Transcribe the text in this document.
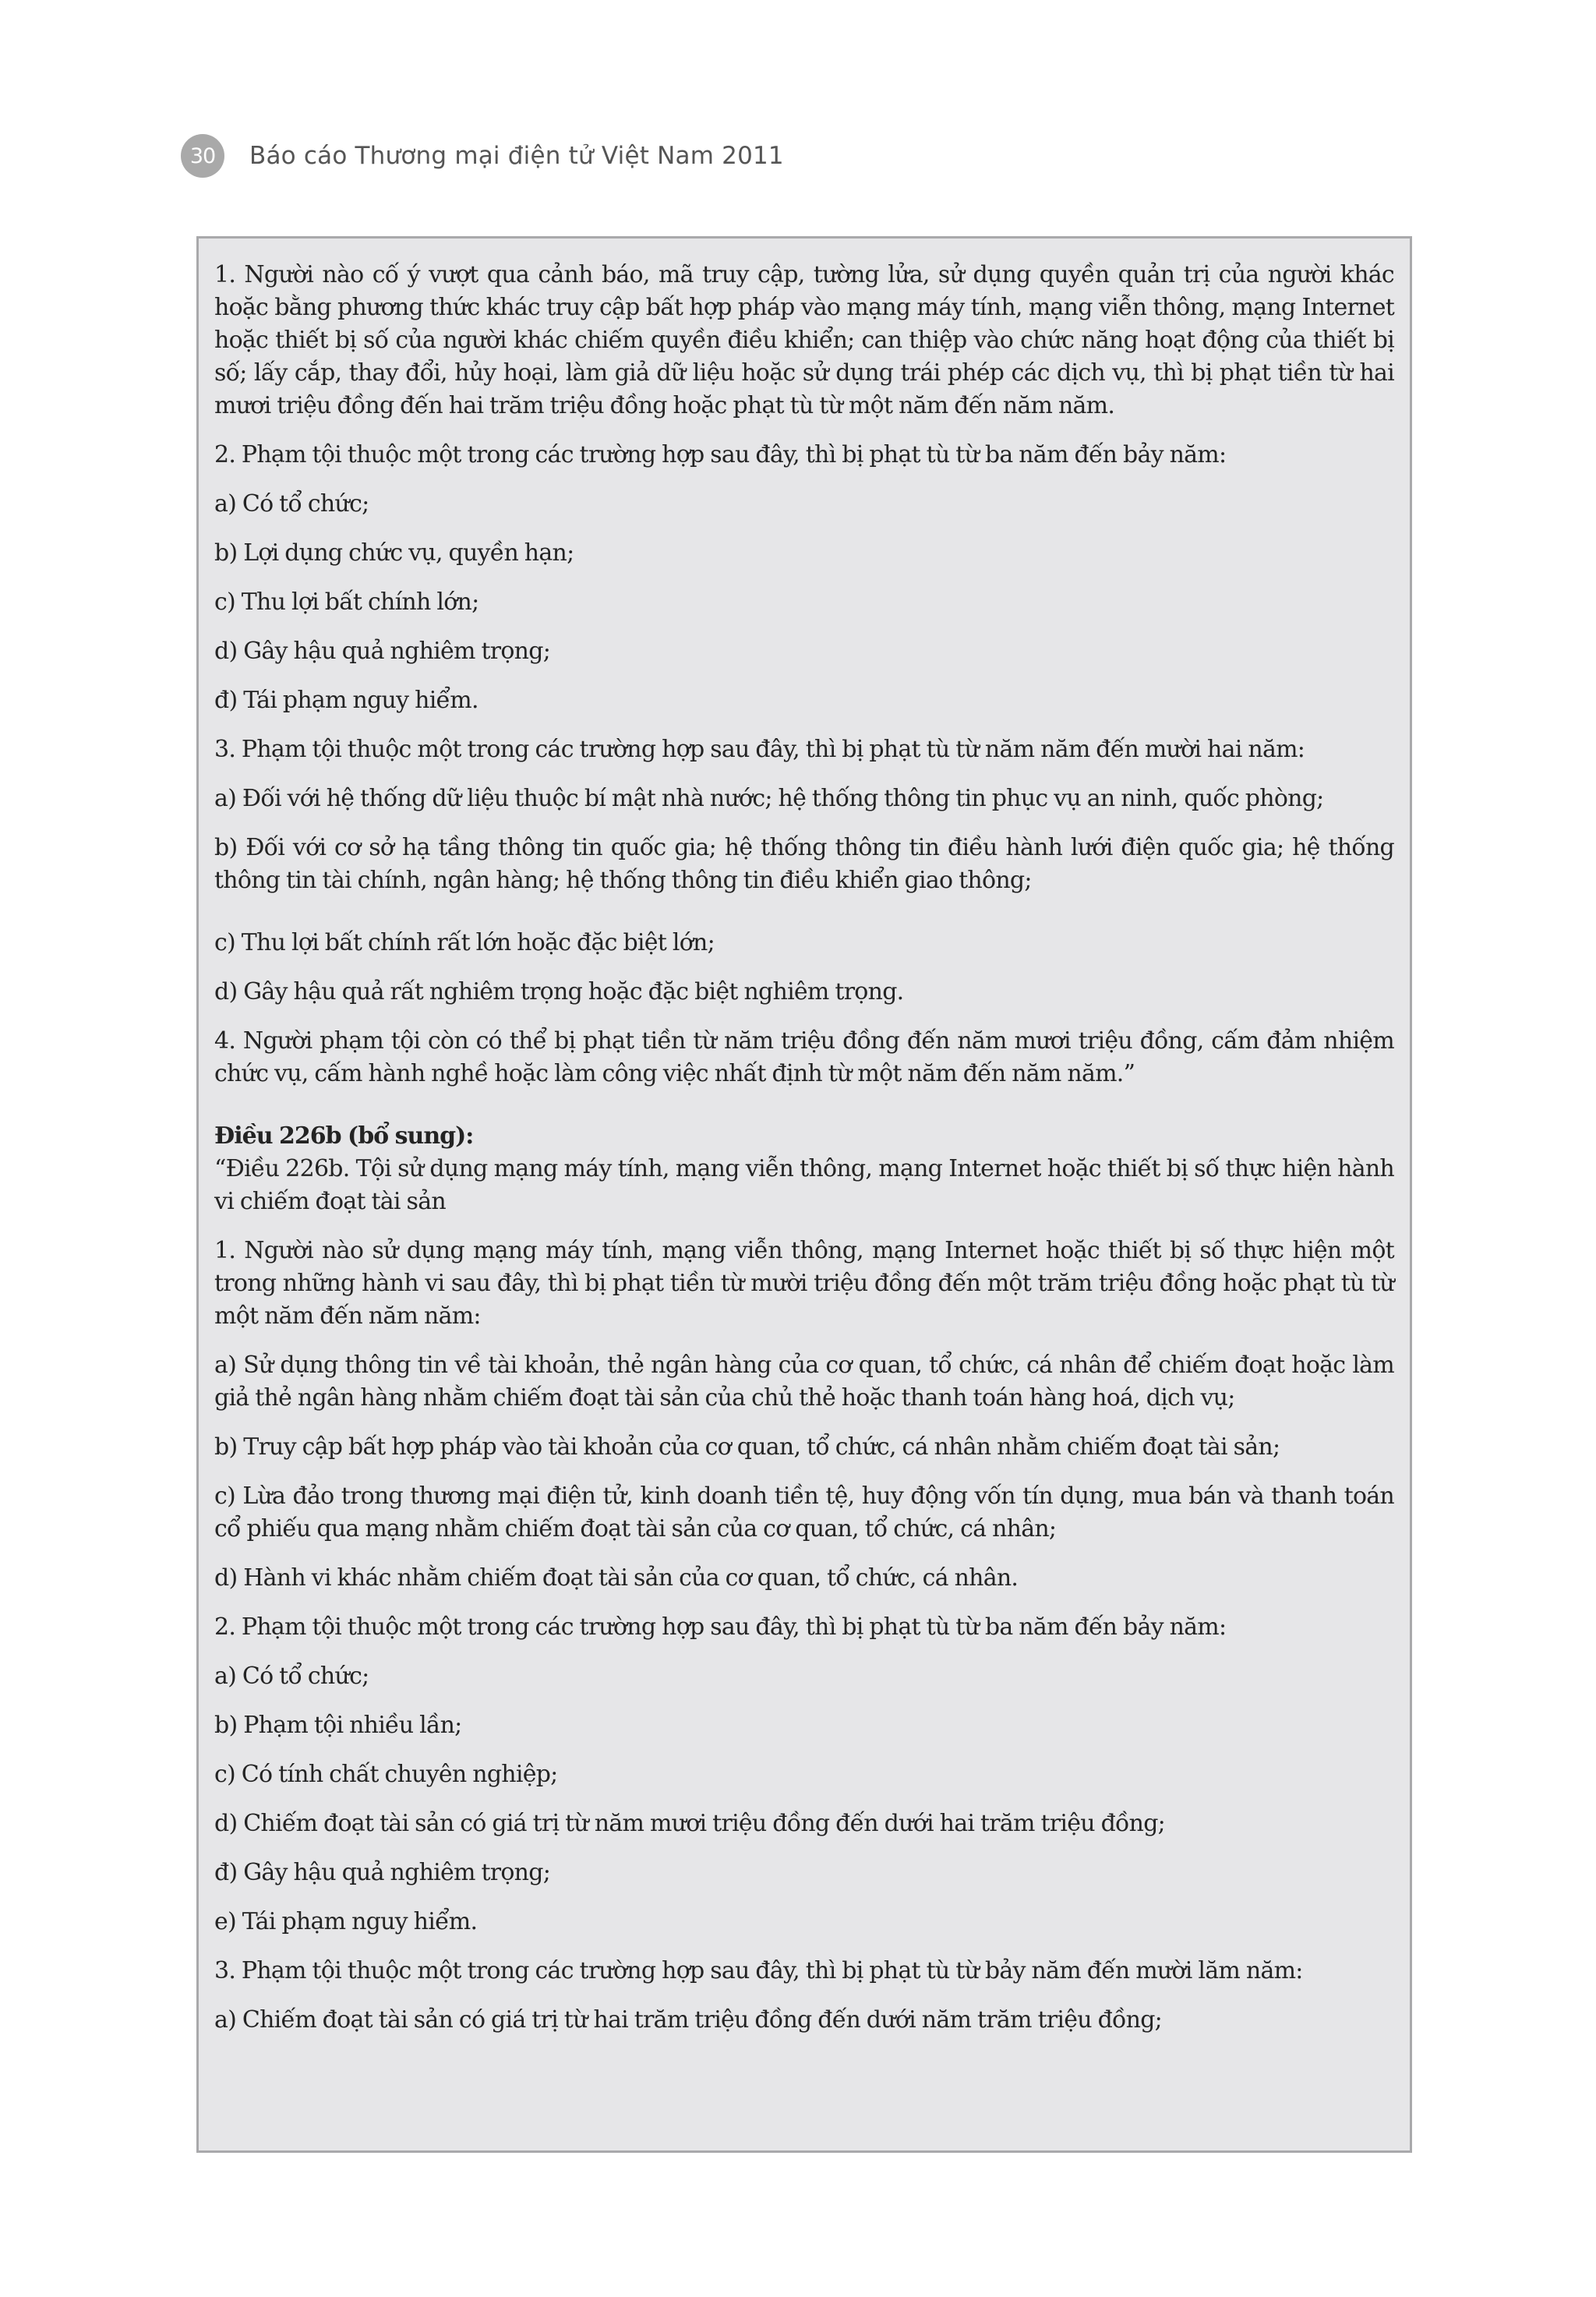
30	Báo cáo Thương mại điện tử Việt Nam 2011

1. Người nào cố ý vượt qua cảnh báo, mã truy cập, tường lửa, sử dụng quyền quản trị của người khác hoặc bằng phương thức khác truy cập bất hợp pháp vào mạng máy tính, mạng viễn thông, mạng Internet hoặc thiết bị số của người khác chiếm quyền điều khiển; can thiệp vào chức năng hoạt động của thiết bị số; lấy cắp, thay đổi, hủy hoại, làm giả dữ liệu hoặc sử dụng trái phép các dịch vụ, thì bị phạt tiền từ hai mươi triệu đồng đến hai trăm triệu đồng hoặc phạt tù từ một năm đến năm năm.

2. Phạm tội thuộc một trong các trường hợp sau đây, thì bị phạt tù từ ba năm đến bảy năm:

a) Có tổ chức;

b) Lợi dụng chức vụ, quyền hạn;

c) Thu lợi bất chính lớn;

d) Gây hậu quả nghiêm trọng;

đ) Tái phạm nguy hiểm.

3. Phạm tội thuộc một trong các trường hợp sau đây, thì bị phạt tù từ năm năm đến mười hai năm:

a) Đối với hệ thống dữ liệu thuộc bí mật nhà nước; hệ thống thông tin phục vụ an ninh, quốc phòng;

b) Đối với cơ sở hạ tầng thông tin quốc gia; hệ thống thông tin điều hành lưới điện quốc gia; hệ thống thông tin tài chính, ngân hàng; hệ thống thông tin điều khiển giao thông;

c) Thu lợi bất chính rất lớn hoặc đặc biệt lớn;

d) Gây hậu quả rất nghiêm trọng hoặc đặc biệt nghiêm trọng.

4. Người phạm tội còn có thể bị phạt tiền từ năm triệu đồng đến năm mươi triệu đồng, cấm đảm nhiệm chức vụ, cấm hành nghề hoặc làm công việc nhất định từ một năm đến năm năm.”

Điều 226b (bổ sung):

“Điều 226b. Tội sử dụng mạng máy tính, mạng viễn thông, mạng Internet hoặc thiết bị số thực hiện hành vi chiếm đoạt tài sản

1. Người nào sử dụng mạng máy tính, mạng viễn thông, mạng Internet hoặc thiết bị số thực hiện một trong những hành vi sau đây, thì bị phạt tiền từ mười triệu đồng đến một trăm triệu đồng hoặc phạt tù từ một năm đến năm năm:

a) Sử dụng thông tin về tài khoản, thẻ ngân hàng của cơ quan, tổ chức, cá nhân để chiếm đoạt hoặc làm giả thẻ ngân hàng nhằm chiếm đoạt tài sản của chủ thẻ hoặc thanh toán hàng hoá, dịch vụ;

b) Truy cập bất hợp pháp vào tài khoản của cơ quan, tổ chức, cá nhân nhằm chiếm đoạt tài sản;

c) Lừa đảo trong thương mại điện tử, kinh doanh tiền tệ, huy động vốn tín dụng, mua bán và thanh toán cổ phiếu qua mạng nhằm chiếm đoạt tài sản của cơ quan, tổ chức, cá nhân;

d) Hành vi khác nhằm chiếm đoạt tài sản của cơ quan, tổ chức, cá nhân.

2. Phạm tội thuộc một trong các trường hợp sau đây, thì bị phạt tù từ ba năm đến bảy năm:

a) Có tổ chức;

b) Phạm tội nhiều lần;

c) Có tính chất chuyên nghiệp;

d) Chiếm đoạt tài sản có giá trị từ năm mươi triệu đồng đến dưới hai trăm triệu đồng;

đ) Gây hậu quả nghiêm trọng;

e) Tái phạm nguy hiểm.

3. Phạm tội thuộc một trong các trường hợp sau đây, thì bị phạt tù từ bảy năm đến mười lăm năm:

a) Chiếm đoạt tài sản có giá trị từ hai trăm triệu đồng đến dưới năm trăm triệu đồng;
